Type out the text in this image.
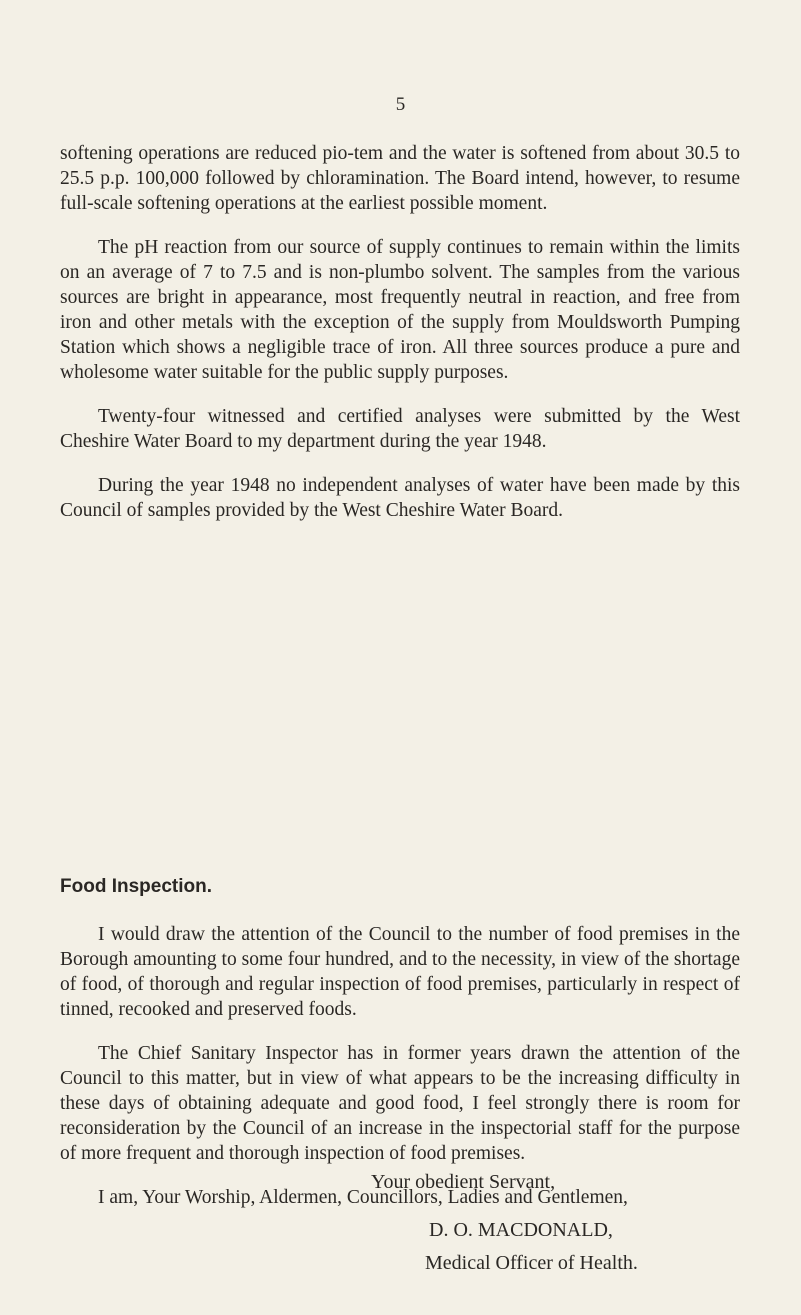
5

softening operations are reduced pio-tem and the water is softened from about 30.5 to 25.5 p.p. 100,000 followed by chloramination. The Board intend, however, to resume full-scale softening operations at the earliest possible moment.

The pH reaction from our source of supply continues to remain within the limits on an average of 7 to 7.5 and is non-plumbo solvent. The samples from the various sources are bright in appearance, most frequently neutral in reaction, and free from iron and other metals with the exception of the supply from Mouldsworth Pumping Station which shows a negligible trace of iron. All three sources produce a pure and wholesome water suitable for the public supply purposes.

Twenty-four witnessed and certified analyses were submitted by the West Cheshire Water Board to my department during the year 1948.

During the year 1948 no independent analyses of water have been made by this Council of samples provided by the West Cheshire Water Board.

Food Inspection.

I would draw the attention of the Council to the number of food premises in the Borough amounting to some four hundred, and to the necessity, in view of the shortage of food, of thorough and regular inspection of food premises, particularly in respect of tinned, recooked and preserved foods.

The Chief Sanitary Inspector has in former years drawn the attention of the Council to this matter, but in view of what appears to be the increasing difficulty in these days of obtaining adequate and good food, I feel strongly there is room for reconsideration by the Council of an increase in the inspectorial staff for the purpose of more frequent and thorough inspection of food premises.

I am, Your Worship, Aldermen, Councillors, Ladies and Gentlemen,

Your obedient Servant,
D. O. MACDONALD,
Medical Officer of Health.
